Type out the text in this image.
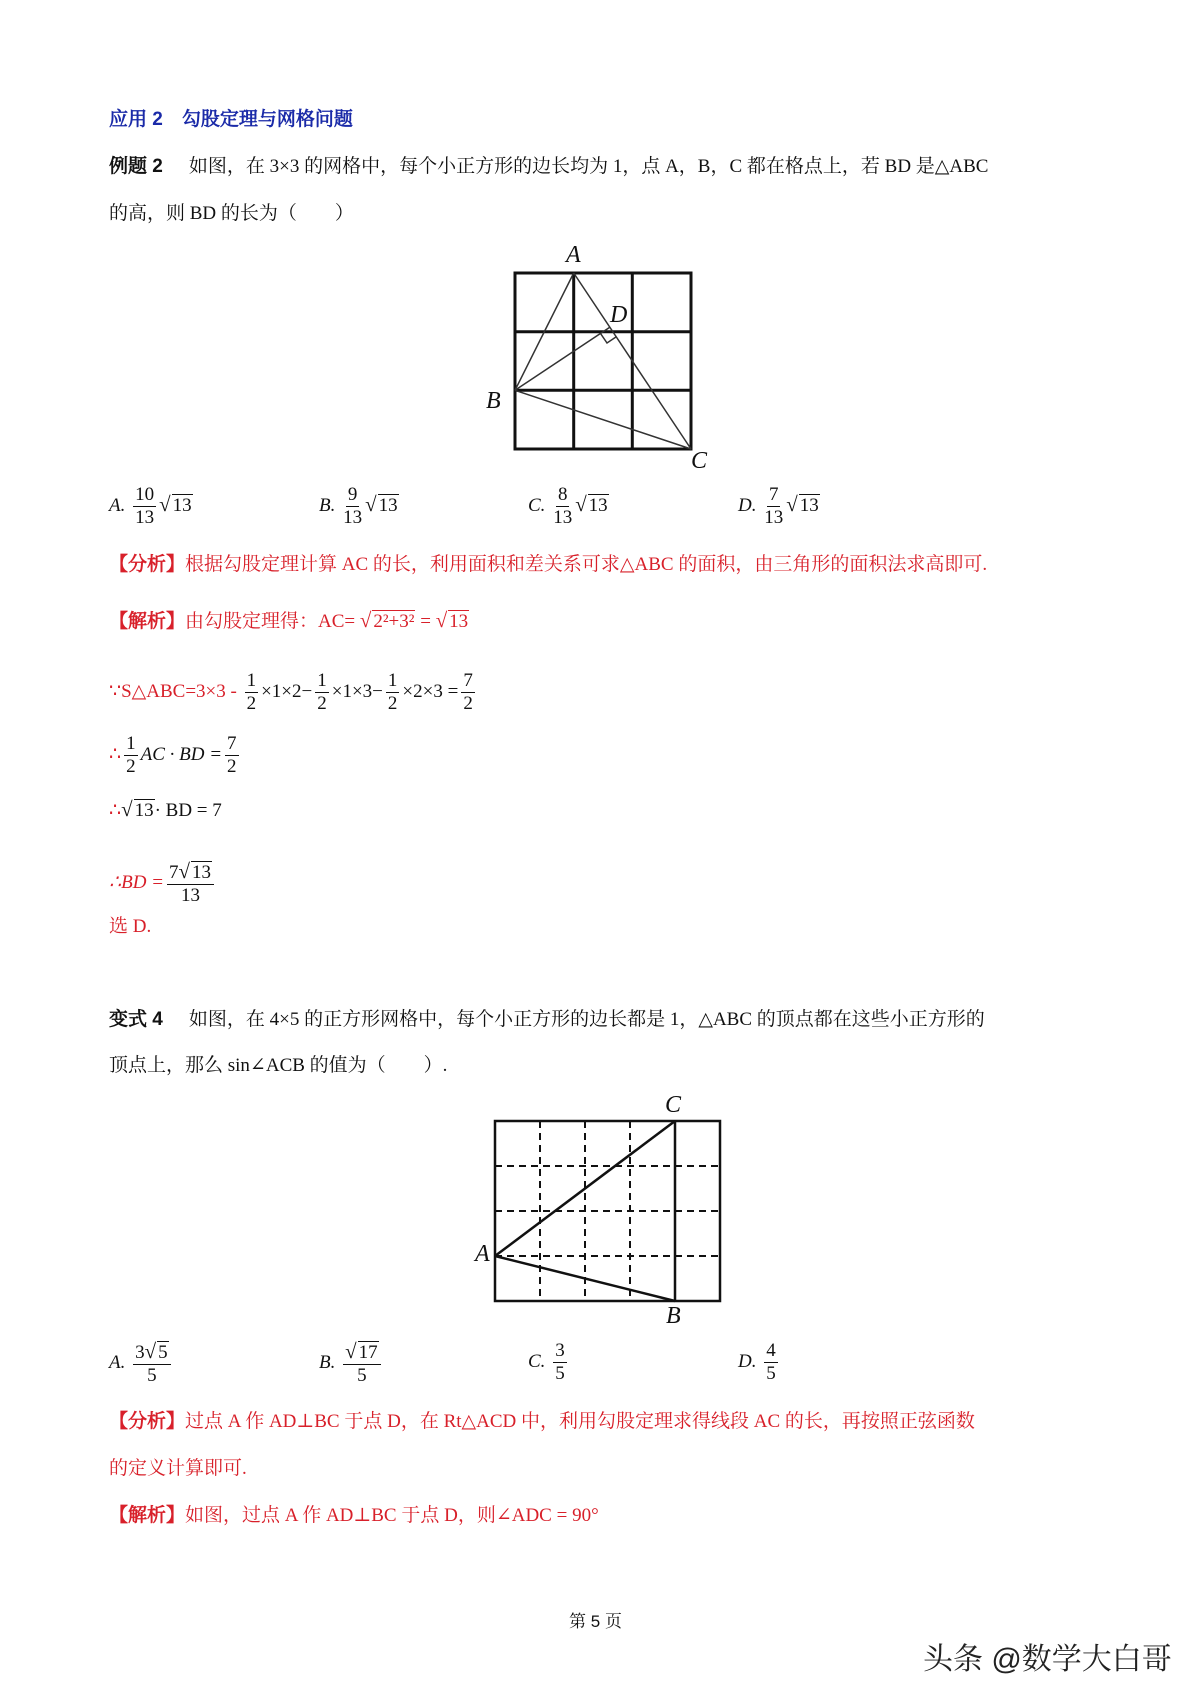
应用 2　勾股定理与网格问题
例题 2 如图，在 3×3 的网格中，每个小正方形的边长均为 1，点 A，B，C 都在格点上，若 BD 是△ABC
的高，则 BD 的长为（　　）
A
D
B
C
A. $\frac{10}{13}$ √ 13	B. $\frac{9}{13}$ √ 13	C. $\frac{8}{13}$ √ 13	D. $\frac{7}{13}$ √ 13
【分析】根据勾股定理计算 AC 的长，利用面积和差关系可求△ABC 的面积，由三角形的面积法求高即可.
【解析】由勾股定理得：AC= √ 2²+3² = √ 13
∵S△ABC=3×3 - $\frac{1}{2} \times 1\times 2- \frac{1}{2} \times 1\times 3- \frac{1}{2} \times 2\times 3 = \frac{7}{2}$
∴ $\frac{1}{2}$ AC · BD = $\frac{7}{2}$
∴√ 13· BD = 7
∴BD = $\frac{7√ 13}{13}$
选 D.
变式 4 如图，在 4×5 的正方形网格中，每个小正方形的边长都是 1，△ABC 的顶点都在这些小正方形的
顶点上，那么 sin∠ACB 的值为（　　）.
C
B
A
A. $\frac{3√ 5}{5}$	B. $\frac{√ 17}{5}$	C. $\frac{3}{5}$	D. $\frac{4}{5}$
【分析】过点 A 作 AD⊥BC 于点 D，在 Rt△ACD 中，利用勾股定理求得线段 AC 的长，再按照正弦函数
的定义计算即可.
【解析】如图，过点 A 作 AD⊥BC 于点 D，则∠ADC = 90°
第 5 页
头条 @数学大白哥
